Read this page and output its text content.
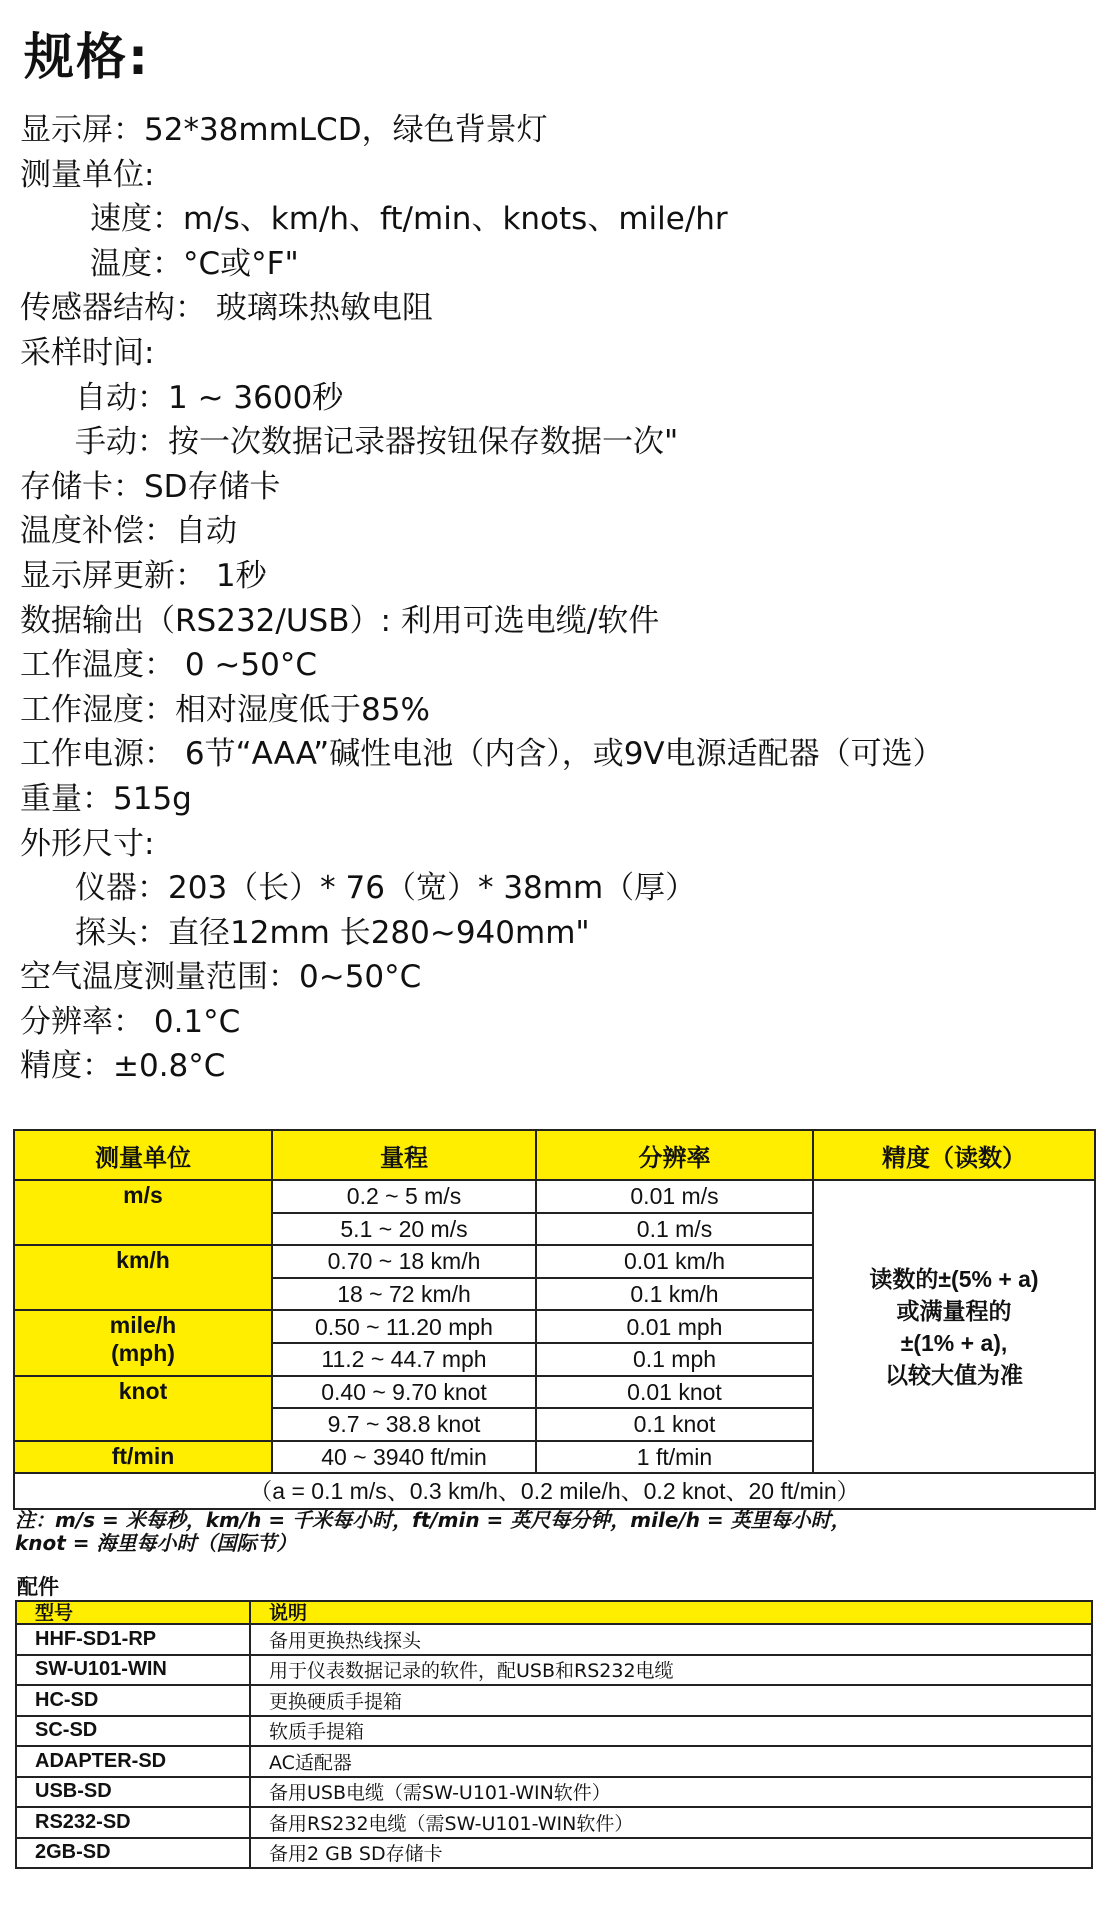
规格:
显示屏：52*38mmLCD，绿色背景灯
测量单位:
速度：m/s、km/h、ft/min、knots、mile/hr
温度：°C或°F"
传感器结构： 玻璃珠热敏电阻
采样时间:
自动：1 ~ 3600秒
手动：按一次数据记录器按钮保存数据一次"
存储卡：SD存储卡
温度补偿：自动
显示屏更新： 1秒
数据输出（RS232/USB）: 利用可选电缆/软件
工作温度： 0 ~50°C
工作湿度：相对湿度低于85%
工作电源： 6节“AAA”碱性电池（内含），或9V电源适配器（可选）
重量：515g
外形尺寸:
仪器：203（长）* 76（宽）* 38mm（厚）
探头：直径12mm 长280~940mm"
空气温度测量范围：0~50°C
分辨率： 0.1°C
精度：±0.8°C
测量单位	量程	分辨率	精度（读数）

m/s	0.2 ~ 5 m/s	0.01 m/s	读数的±(5% + a)
或满量程的
±(1% + a),
以较大值为准

	5.1 ~ 20 m/s	0.1 m/s	

km/h	0.70 ~ 18 km/h	0.01 km/h	
	18 ~ 72 km/h	0.1 km/h	

mile/h
(mph)	0.50 ~ 11.20 mph	0.01 mph	
	11.2 ~ 44.7 mph	0.1 mph	

knot	0.40 ~ 9.70 knot	0.01 knot	
	9.7 ~ 38.8 knot	0.1 knot	

ft/min	40 ~ 3940 ft/min	1 ft/min	
（a = 0.1 m/s、0.3 km/h、0.2 mile/h、0.2 knot、20 ft/min）			
注：m/s = 米每秒，km/h = 千米每小时，ft/min = 英尺每分钟，mile/h = 英里每小时，
knot = 海里每小时（国际节）
配件
型号	说明
HHF-SD1-RP	备用更换热线探头
SW-U101-WIN	用于仪表数据记录的软件，配USB和RS232电缆
HC-SD	更换硬质手提箱
SC-SD	软质手提箱
ADAPTER-SD	AC适配器
USB-SD	备用USB电缆（需SW-U101-WIN软件）
RS232-SD	备用RS232电缆（需SW-U101-WIN软件）
2GB-SD	备用2 GB SD存储卡
